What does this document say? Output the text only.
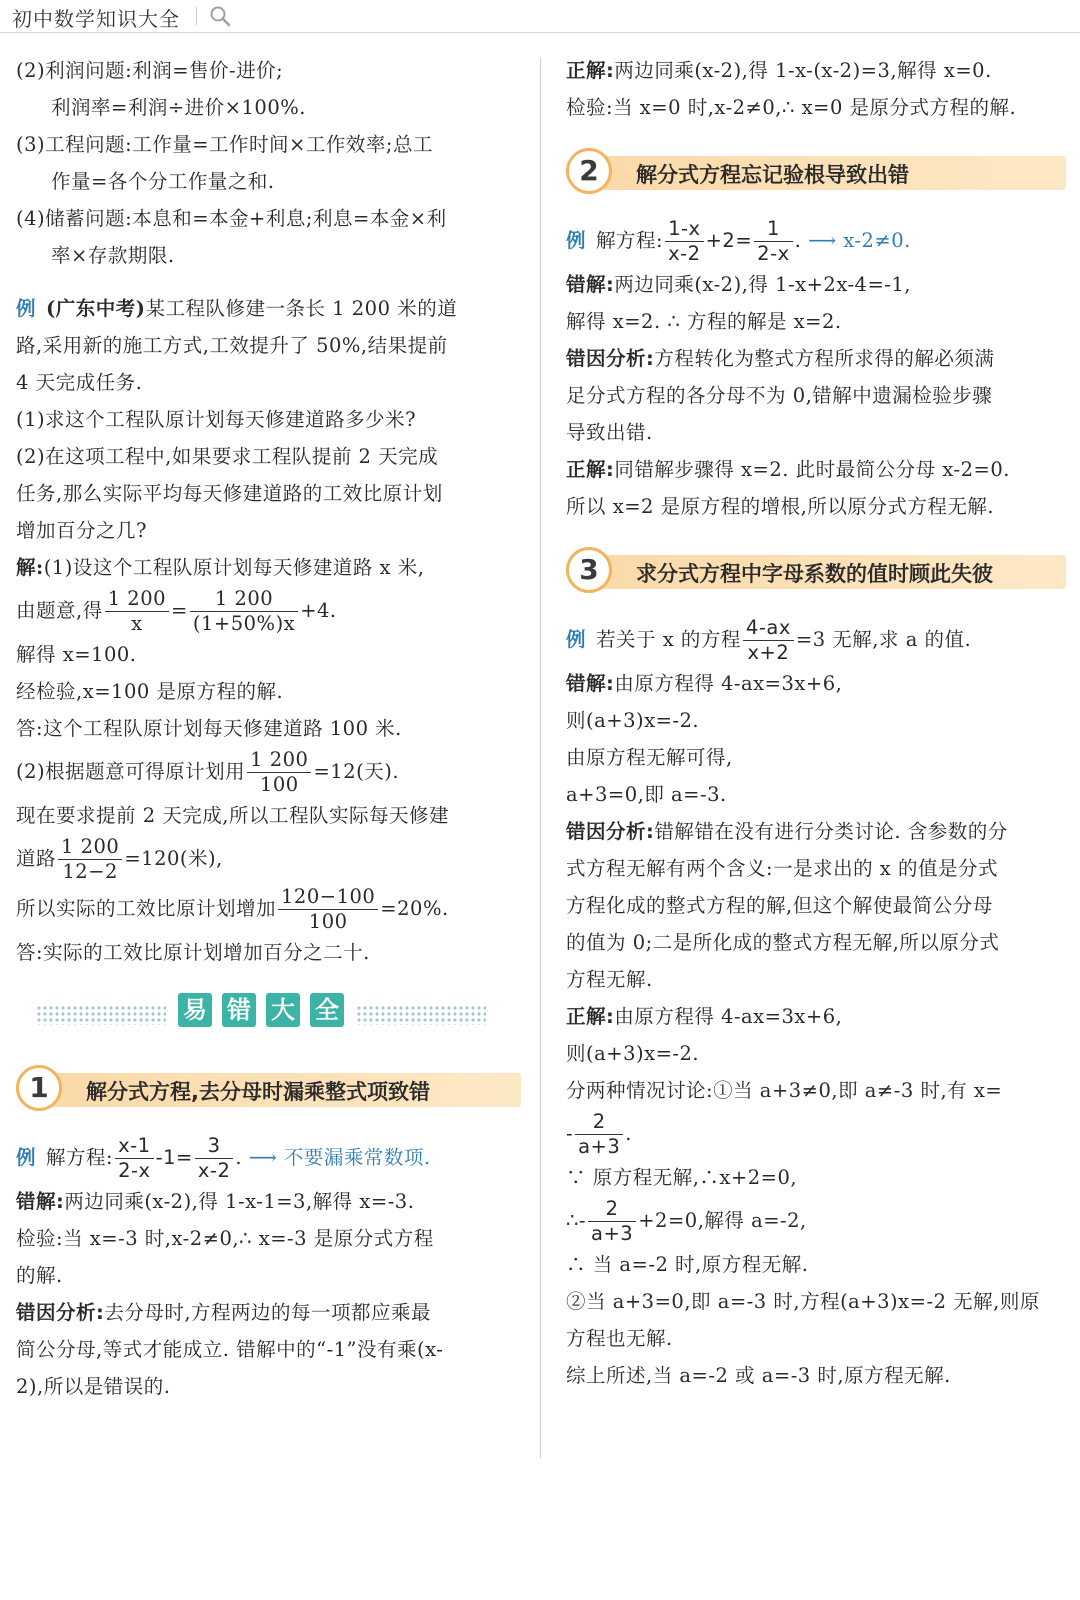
初中数学知识大全
(2)利润问题:利润=售价-进价;
利润率=利润÷进价×100%.
(3)工程问题:工作量=工作时间×工作效率;总工
作量=各个分工作量之和.
(4)储蓄问题:本息和=本金+利息;利息=本金×利
率×存款期限.
例 (广东中考)某工程队修建一条长 1 200 米的道
路,采用新的施工方式,工效提升了 50%,结果提前
4 天完成任务.
(1)求这个工程队原计划每天修建道路多少米?
(2)在这项工程中,如果要求工程队提前 2 天完成
任务,那么实际平均每天修建道路的工效比原计划
增加百分之几?
解:(1)设这个工程队原计划每天修建道路 x 米,
由题意,得 $\frac{1 200}{x} = \frac{1 200}{(1+50\%)x} +4$.
解得 x=100.
经检验,x=100 是原方程的解.
答:这个工程队原计划每天修建道路 100 米.
(2)根据题意可得原计划用 $\frac{1 200}{100} =12$(天).
现在要求提前 2 天完成,所以工程队实际每天修建
道路 $\frac{1 200}{12-2} =120$(米),
所以实际的工效比原计划增加 $\frac{120-100}{100} =20\%$.
答:实际的工效比原计划增加百分之二十.
易 错 大 全
1	解分式方程,去分母时漏乘整式项致错
例 解方程: $\frac{x-1}{2-x} -1= \frac{3}{x-2}$ . ⟶ 不要漏乘常数项.
错解:两边同乘(x-2),得 1-x-1=3,解得 x=-3.
检验:当 x=-3 时,x-2≠0,∴ x=-3 是原分式方程
的解.
错因分析:去分母时,方程两边的每一项都应乘最
简公分母,等式才能成立. 错解中的“-1”没有乘(x-
2),所以是错误的.
正解:两边同乘(x-2),得 1-x-(x-2)=3,解得 x=0.
检验:当 x=0 时,x-2≠0,∴ x=0 是原分式方程的解.
2	解分式方程忘记验根导致出错
例 解方程: $\frac{1-x}{x-2} +2= \frac{1}{2-x}$ . ⟶ x-2≠0.
错解:两边同乘(x-2),得 1-x+2x-4=-1,
解得 x=2. ∴ 方程的解是 x=2.
错因分析:方程转化为整式方程所求得的解必须满
足分式方程的各分母不为 0,错解中遗漏检验步骤
导致出错.
正解:同错解步骤得 x=2. 此时最简公分母 x-2=0.
所以 x=2 是原方程的增根,所以原分式方程无解.
3	求分式方程中字母系数的值时顾此失彼
例 若关于 x 的方程 $\frac{4-ax}{x+2} =3$ 无解,求 a 的值.
错解:由原方程得 4-ax=3x+6,
则(a+3)x=-2.
由原方程无解可得,
a+3=0,即 a=-3.
错因分析:错解错在没有进行分类讨论. 含参数的分
式方程无解有两个含义:一是求出的 x 的值是分式
方程化成的整式方程的解,但这个解使最简公分母
的值为 0;二是所化成的整式方程无解,所以原分式
方程无解.
正解:由原方程得 4-ax=3x+6,
则(a+3)x=-2.
分两种情况讨论:①当 a+3≠0,即 a≠-3 时,有 x=
- $\frac{2}{a+3}$ .
∵ 原方程无解,∴x+2=0,
∴- $\frac{2}{a+3} +2=0$,解得 a=-2,
∴ 当 a=-2 时,原方程无解.
②当 a+3=0,即 a=-3 时,方程(a+3)x=-2 无解,则原
方程也无解.
综上所述,当 a=-2 或 a=-3 时,原方程无解.
